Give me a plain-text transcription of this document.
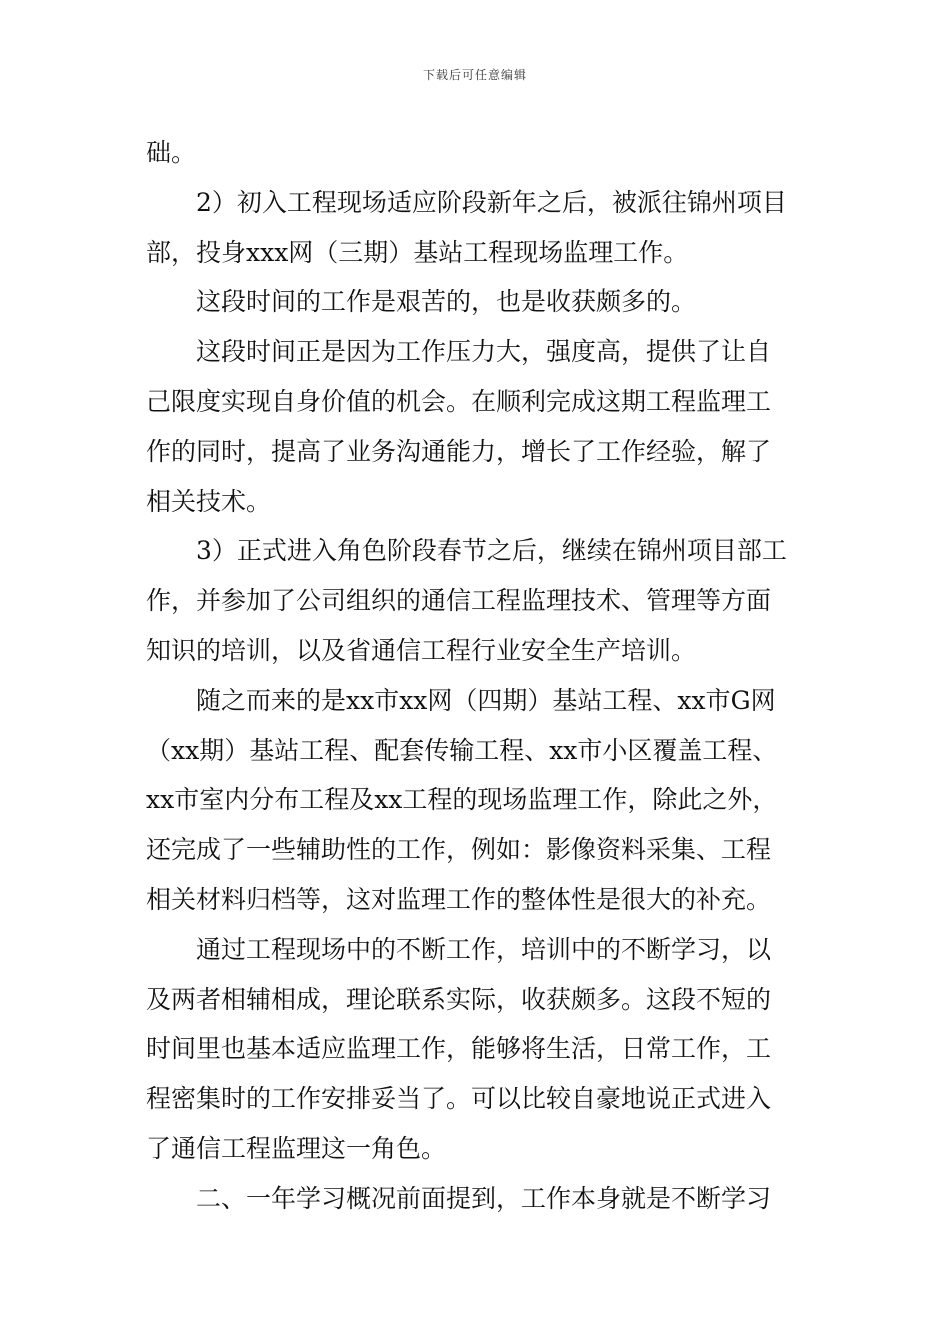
下载后可任意编辑
础。
2）初入工程现场适应阶段新年之后，被派往锦州项目
部，投身xxx网（三期）基站工程现场监理工作。
这段时间的工作是艰苦的，也是收获颇多的。
这段时间正是因为工作压力大，强度高，提供了让自
己限度实现自身价值的机会。在顺利完成这期工程监理工
作的同时，提高了业务沟通能力，增长了工作经验，解了
相关技术。
3）正式进入角色阶段春节之后，继续在锦州项目部工
作，并参加了公司组织的通信工程监理技术、管理等方面
知识的培训，以及省通信工程行业安全生产培训。
随之而来的是xx市xx网（四期）基站工程、xx市G网
（xx期）基站工程、配套传输工程、xx市小区覆盖工程、
xx市室内分布工程及xx工程的现场监理工作，除此之外，
还完成了一些辅助性的工作，例如：影像资料采集、工程
相关材料归档等，这对监理工作的整体性是很大的补充。
通过工程现场中的不断工作，培训中的不断学习，以
及两者相辅相成，理论联系实际，收获颇多。这段不短的
时间里也基本适应监理工作，能够将生活，日常工作，工
程密集时的工作安排妥当了。可以比较自豪地说正式进入
了通信工程监理这一角色。
二、一年学习概况前面提到，工作本身就是不断学习
